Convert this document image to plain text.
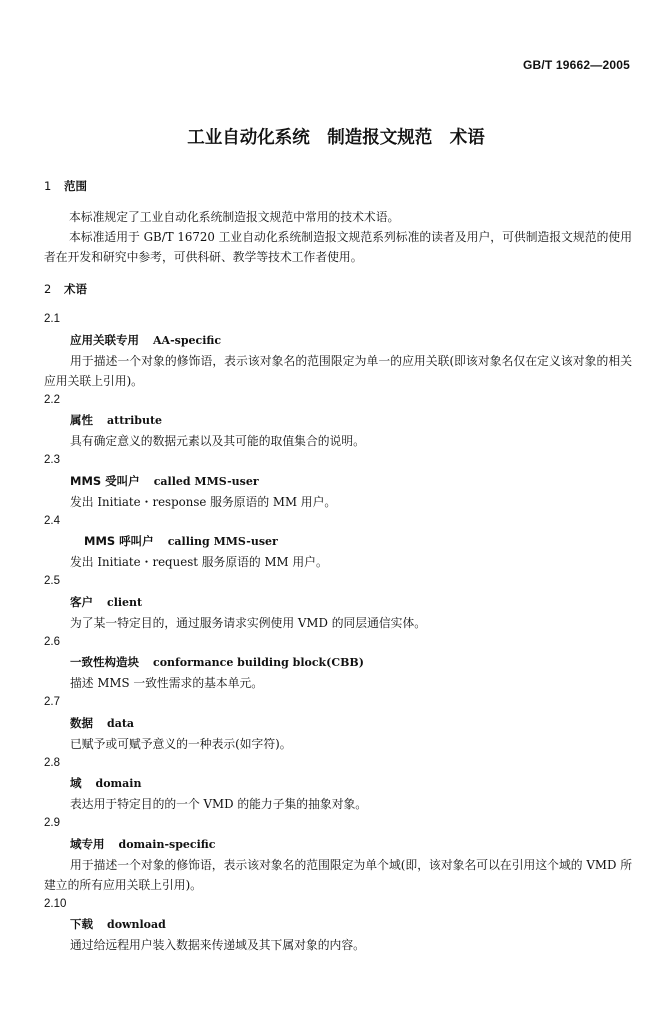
GB/T 19662—2005
工业自动化系统　制造报文规范　术语
1 范围
本标准规定了工业自动化系统制造报文规范中常用的技术术语。
本标准适用于 GB/T 16720 工业自动化系统制造报文规范系列标准的读者及用户，可供制造报文规范的使用者在开发和研究中参考，可供科研、教学等技术工作者使用。
2 术语
2.1
应用关联专用 AA-specific
用于描述一个对象的修饰语，表示该对象名的范围限定为单一的应用关联(即该对象名仅在定义该对象的相关应用关联上引用)。
2.2
属性 attribute
具有确定意义的数据元素以及其可能的取值集合的说明。
2.3
MMS 受叫户 called MMS-user
发出 Initiate・response 服务原语的 MM 用户。
2.4
MMS 呼叫户 calling MMS-user
发出 Initiate・request 服务原语的 MM 用户。
2.5
客户 client
为了某一特定目的，通过服务请求实例使用 VMD 的同层通信实体。
2.6
一致性构造块 conformance building block(CBB)
描述 MMS 一致性需求的基本单元。
2.7
数据 data
已赋予或可赋予意义的一种表示(如字符)。
2.8
域 domain
表达用于特定目的的一个 VMD 的能力子集的抽象对象。
2.9
域专用 domain-specific
用于描述一个对象的修饰语，表示该对象名的范围限定为单个域(即，该对象名可以在引用这个域的 VMD 所建立的所有应用关联上引用)。
2.10
下载 download
通过给远程用户装入数据来传递域及其下属对象的内容。
